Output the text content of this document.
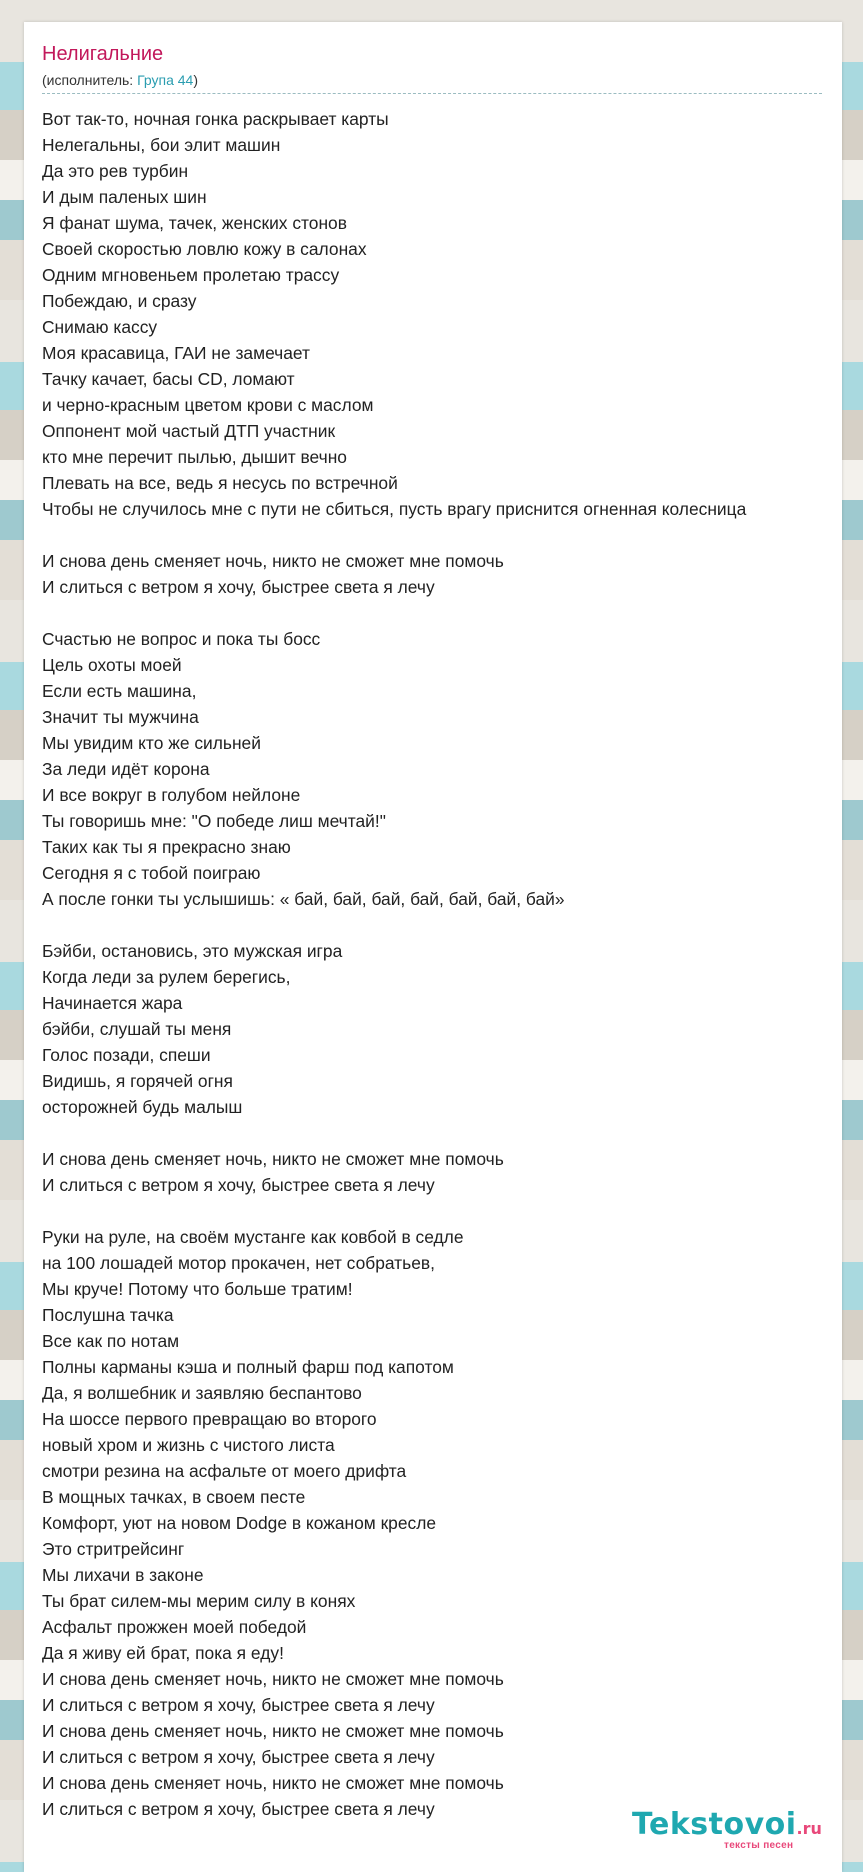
Нелигальние
(исполнитель: Група 44)
Вот так-то, ночная гонка раскрывает карты
Нелегальны, бои элит машин
Да это рев турбин
И дым паленых шин
Я фанат шума, тачек, женских стонов
Своей скоростью ловлю кожу в салонах
Одним мгновеньем пролетаю трассу
Побеждаю, и сразу
Снимаю кассу
Моя красавица, ГАИ не замечает
Тачку качает, басы CD, ломают
и черно-красным цветом крови с маслом
Оппонент мой частый ДТП участник
кто мне перечит пылью, дышит вечно
Плевать на все, ведь я несусь по встречной
Чтобы не случилось мне с пути не сбиться, пусть врагу приснится огненная колесница
И снова день сменяет ночь, никто не сможет мне помочь
И слиться с ветром я хочу, быстрее света я лечу
Счастью не вопрос и пока ты босс
Цель охоты моей
Если есть машина,
Значит ты мужчина
Мы увидим кто же сильней
За леди идёт корона
И все вокруг в голубом нейлоне
Ты говоришь мне: "О победе лиш мечтай!"
Таких как ты я прекрасно знаю
Сегодня я с тобой поиграю
А после гонки ты услышишь: « бай, бай, бай, бай, бай, бай, бай»
Бэйби, остановись, это мужская игра
Когда леди за рулем берегись,
Начинается жара
бэйби, слушай ты меня
Голос позади, спеши
Видишь, я горячей огня
осторожней будь малыш
И снова день сменяет ночь, никто не сможет мне помочь
И слиться с ветром я хочу, быстрее света я лечу
Руки на руле, на своём мустанге как ковбой в седле
на 100 лошадей мотор прокачен, нет собратьев,
Мы круче! Потому что больше тратим!
Послушна тачка
Все как по нотам
Полны карманы кэша и полный фарш под капотом
Да, я волшебник и заявляю беспантово
На шоссе первого превращаю во второго
новый хром и жизнь с чистого листа
смотри резина на асфальте от моего дрифта
В мощных тачках, в своем песте
Комфорт, уют на новом Dodge в кожаном кресле
Это стритрейсинг
Мы лихачи в законе
Ты брат силем-мы мерим силу в конях
Асфальт прожжен моей победой
Да я живу ей брат, пока я еду!
И снова день сменяет ночь, никто не сможет мне помочь
И слиться с ветром я хочу, быстрее света я лечу
И снова день сменяет ночь, никто не сможет мне помочь
И слиться с ветром я хочу, быстрее света я лечу
И снова день сменяет ночь, никто не сможет мне помочь
И слиться с ветром я хочу, быстрее света я лечу	Tekstovoi.ru
тексты песен
